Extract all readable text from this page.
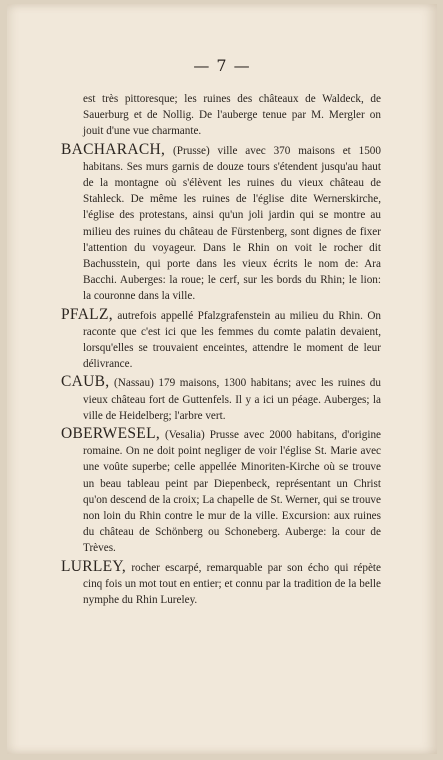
— 7 —

est très pittoresque; les ruines des châteaux de Waldeck, de Sauerburg et de Nollig. De l'auberge tenue par M. Mergler on jouit d'une vue charmante.

BACHARACH, (Prusse) ville avec 370 maisons et 1500 habitans. Ses murs garnis de douze tours s'étendent jusqu'au haut de la montagne où s'élèvent les ruines du vieux château de Stahleck. De même les ruines de l'église dite Wernerskirche, l'église des protestans, ainsi qu'un joli jardin qui se montre au milieu des ruines du château de Fürstenberg, sont dignes de fixer l'attention du voyageur. Dans le Rhin on voit le rocher dit Bachusstein, qui porte dans les vieux écrits le nom de: Ara Bacchi. Auberges: la roue; le cerf, sur les bords du Rhin; le lion: la couronne dans la ville.

PFALZ, autrefois appellé Pfalzgrafenstein au milieu du Rhin. On raconte que c'est ici que les femmes du comte palatin devaient, lorsqu'elles se trouvaient enceintes, attendre le moment de leur délivrance.

CAUB, (Nassau) 179 maisons, 1300 habitans; avec les ruines du vieux château fort de Guttenfels. Il y a ici un péage. Auberges; la ville de Heidelberg; l'arbre vert.

OBERWESEL, (Vesalia) Prusse avec 2000 habitans, d'origine romaine. On ne doit point negliger de voir l'église St. Marie avec une voûte superbe; celle appellée Minoriten-Kirche où se trouve un beau tableau peint par Diepenbeck, représentant un Christ qu'on descend de la croix; La chapelle de St. Werner, qui se trouve non loin du Rhin contre le mur de la ville. Excursion: aux ruines du château de Schönberg ou Schoneberg. Auberge: la cour de Trèves.

LURLEY, rocher escarpé, remarquable par son écho qui répète cinq fois un mot tout en entier; et connu par la tradition de la belle nymphe du Rhin Lureley.
